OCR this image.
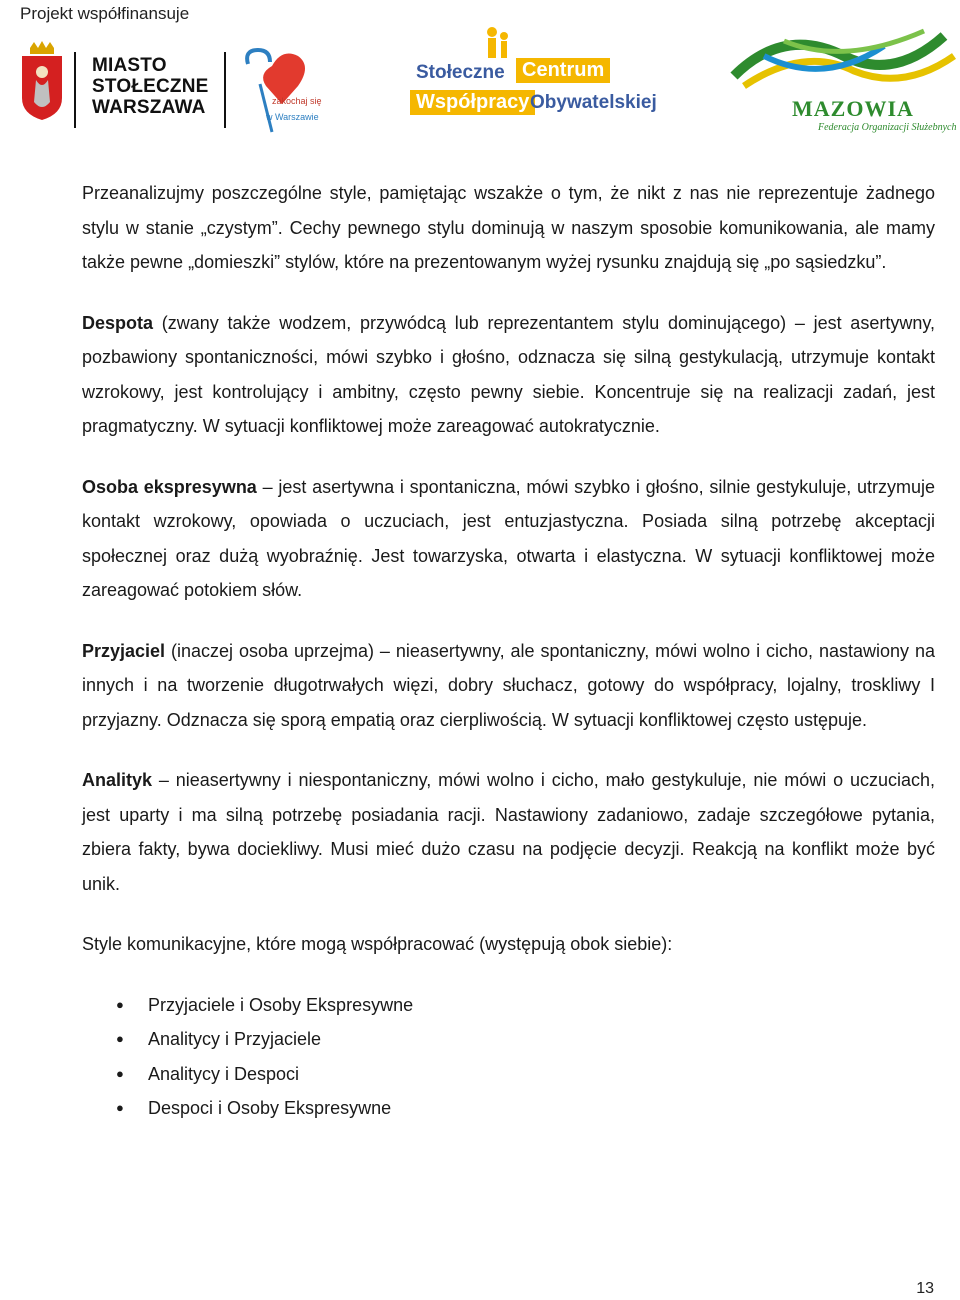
Projekt współfinansuje
MIASTO
STOŁECZNE
WARSZAWA	zakochaj się
w Warszawie
Stołeczne Centrum
Współpracy Obywatelskiej	MAZOWIA
Federacja Organizacji Służebnych

Przeanalizujmy poszczególne style, pamiętając wszakże o tym, że nikt z nas nie reprezentuje żadnego stylu w stanie „czystym”. Cechy pewnego stylu dominują w naszym sposobie komunikowania, ale mamy także pewne „domieszki” stylów, które na prezentowanym wyżej rysunku znajdują się „po sąsiedzku”.

Despota (zwany także wodzem, przywódcą lub reprezentantem stylu dominującego) – jest asertywny, pozbawiony spontaniczności, mówi szybko i głośno, odznacza się silną gestykulacją, utrzymuje kontakt wzrokowy, jest kontrolujący i ambitny, często pewny siebie. Koncentruje się na realizacji zadań, jest pragmatyczny. W sytuacji konfliktowej może zareagować autokratycznie.

Osoba ekspresywna – jest asertywna i spontaniczna, mówi szybko i głośno, silnie gestykuluje, utrzymuje kontakt wzrokowy, opowiada o uczuciach, jest entuzjastyczna. Posiada silną potrzebę akceptacji społecznej oraz dużą wyobraźnię. Jest towarzyska, otwarta i elastyczna. W sytuacji konfliktowej może zareagować potokiem słów.

Przyjaciel (inaczej osoba uprzejma) – nieasertywny, ale spontaniczny, mówi wolno i cicho, nastawiony na innych i na tworzenie długotrwałych więzi, dobry słuchacz, gotowy do współpracy, lojalny, troskliwy I przyjazny. Odznacza się sporą empatią oraz cierpliwością. W sytuacji konfliktowej często ustępuje.

Analityk – nieasertywny i niespontaniczny, mówi wolno i cicho, mało gestykuluje, nie mówi o uczuciach, jest uparty i ma silną potrzebę posiadania racji. Nastawiony zadaniowo, zadaje szczegółowe pytania, zbiera fakty, bywa dociekliwy. Musi mieć dużo czasu na podjęcie decyzji. Reakcją na konflikt może być unik.

Style komunikacyjne, które mogą współpracować (występują obok siebie):

● Przyjaciele i Osoby Ekspresywne
● Analitycy i Przyjaciele
● Analitycy i Despoci
● Despoci i Osoby Ekspresywne
13
